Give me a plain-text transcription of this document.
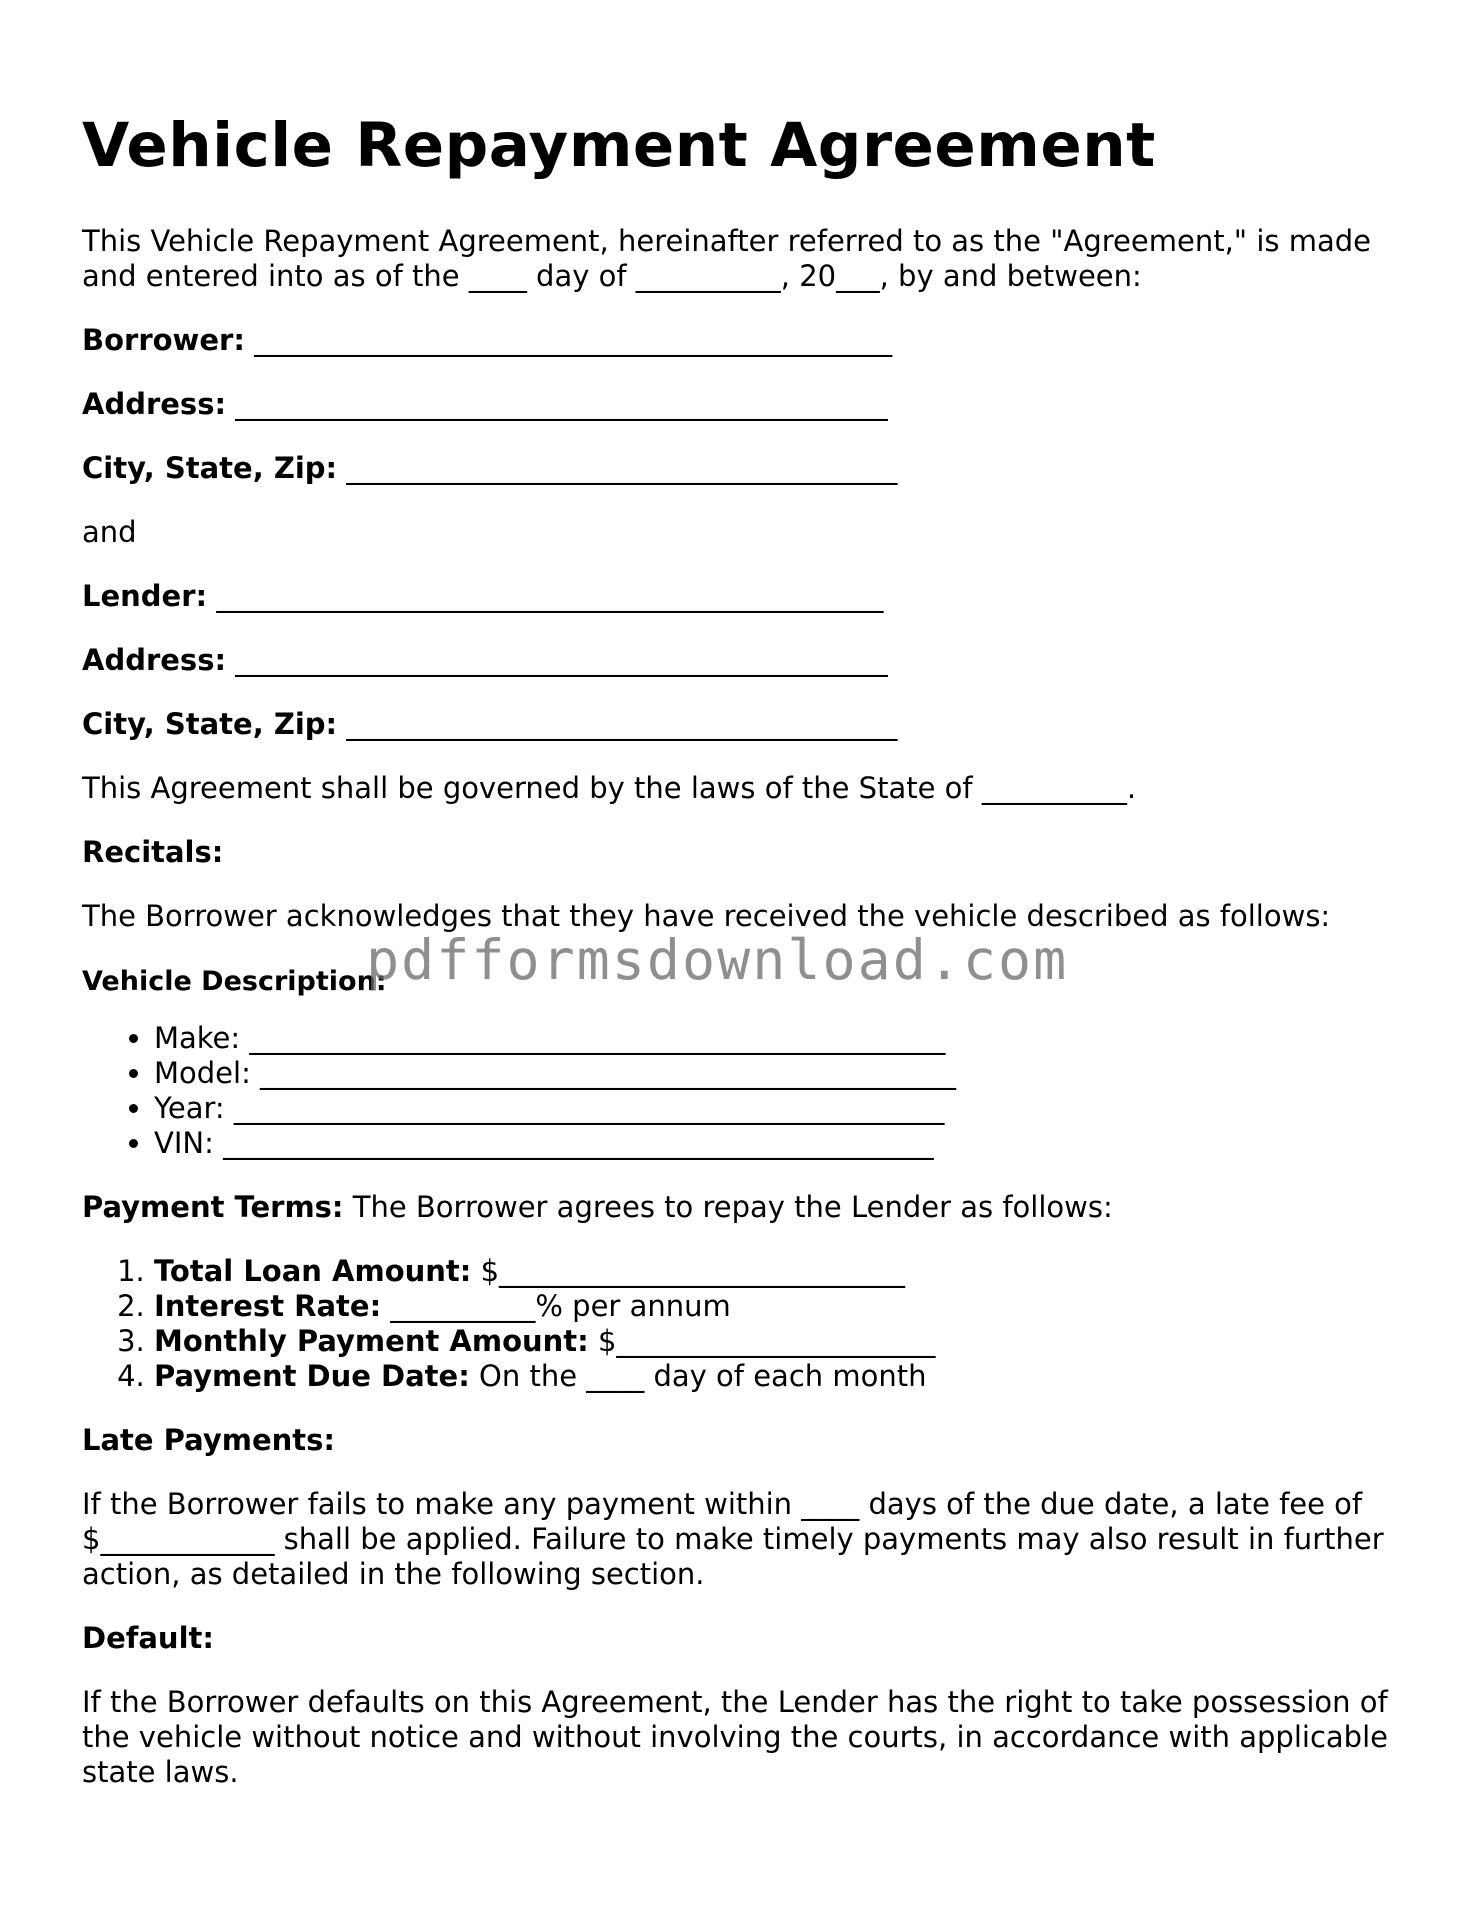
Vehicle Repayment Agreement

This Vehicle Repayment Agreement, hereinafter referred to as the "Agreement," is made and entered into as of the ____ day of __________, 20___, by and between:

Borrower: ____________________________________________
Address: _____________________________________________
City, State, Zip: ______________________________________

and

Lender: ______________________________________________
Address: _____________________________________________
City, State, Zip: ______________________________________

This Agreement shall be governed by the laws of the State of __________.

Recitals:

The Borrower acknowledges that they have received the vehicle described as follows:

Vehicle Description:

• Make: ________________________________________________
• Model: ________________________________________________
• Year: _________________________________________________
• VIN: _________________________________________________

Payment Terms: The Borrower agrees to repay the Lender as follows:

1. Total Loan Amount: $____________________________
2. Interest Rate: __________% per annum
3. Monthly Payment Amount: $______________________
4. Payment Due Date: On the ____ day of each month

Late Payments:

If the Borrower fails to make any payment within ____ days of the due date, a late fee of $____________ shall be applied. Failure to make timely payments may also result in further action, as detailed in the following section.

Default:

If the Borrower defaults on this Agreement, the Lender has the right to take possession of the vehicle without notice and without involving the courts, in accordance with applicable state laws.

pdfformsdownload.com
